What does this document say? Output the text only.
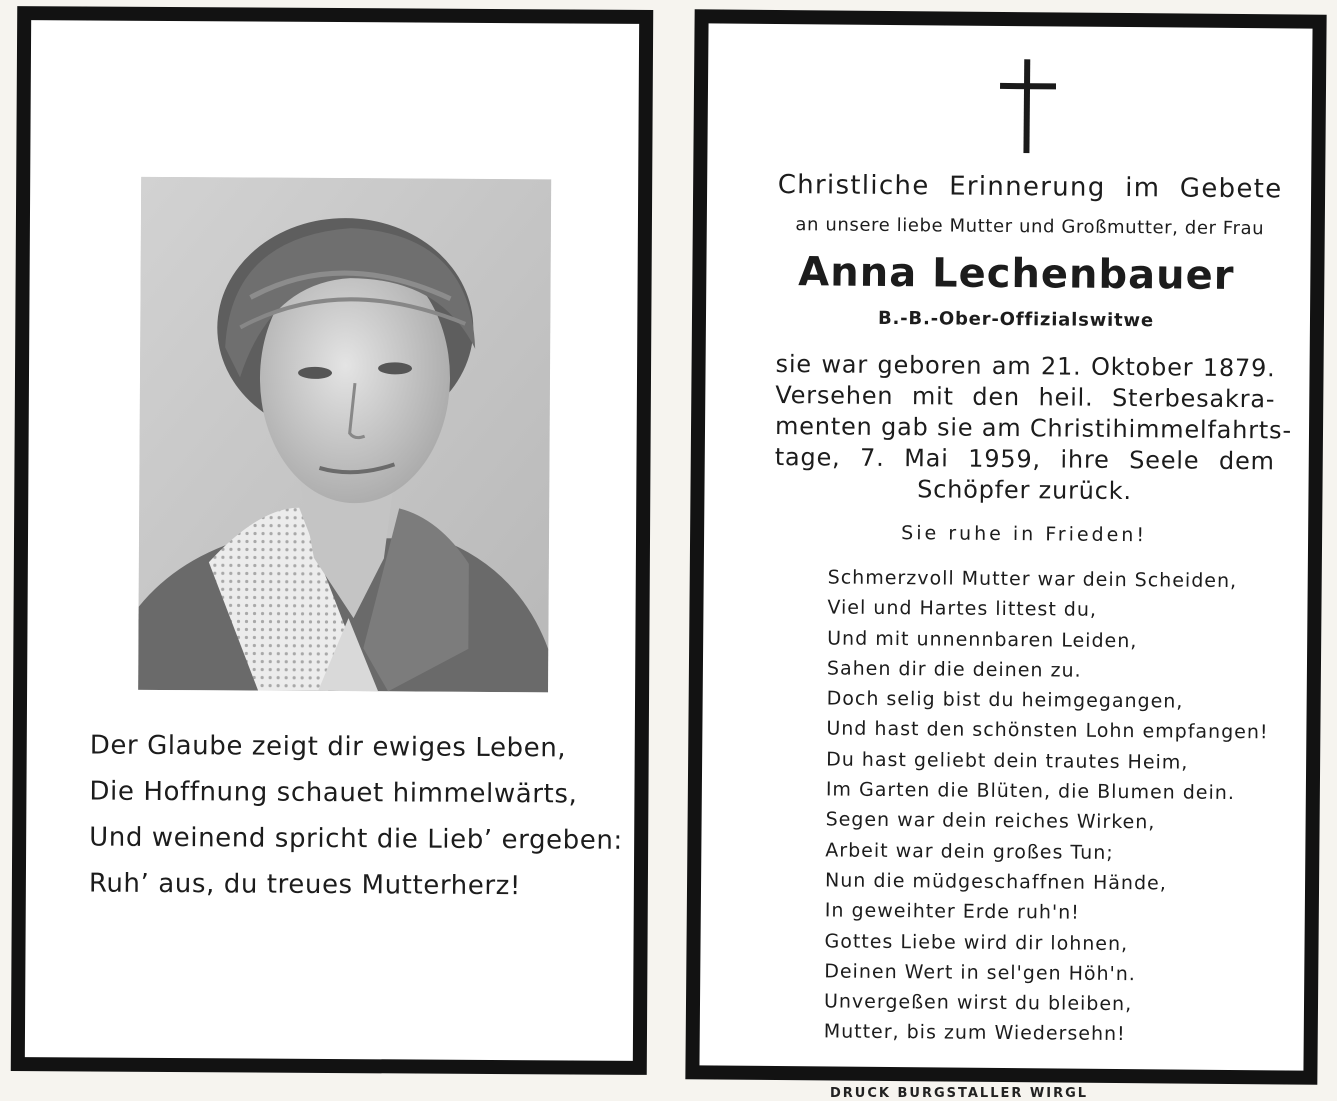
Der Glaube zeigt dir ewiges Leben,
Die Hoffnung schauet himmelwärts,
Und weinend spricht die Lieb’ ergeben:
Ruh’ aus, du treues Mutterherz!
Christliche Erinnerung im Gebete
an unsere liebe Mutter und Großmutter, der Frau
Anna Lechenbauer
B.-B.-Ober-Offizialswitwe
sie war geboren am 21. Oktober 1879.
Versehen mit den heil. Sterbesakra-
menten gab sie am Christihimmelfahrts-
tage, 7. Mai 1959, ihre Seele dem
Schöpfer zurück.
Sie ruhe in Frieden!
Schmerzvoll Mutter war dein Scheiden,
Viel und Hartes littest du,
Und mit unnennbaren Leiden,
Sahen dir die deinen zu.
Doch selig bist du heimgegangen,
Und hast den schönsten Lohn empfangen!
Du hast geliebt dein trautes Heim,
Im Garten die Blüten, die Blumen dein.
Segen war dein reiches Wirken,
Arbeit war dein großes Tun;
Nun die müdgeschaffnen Hände,
In geweihter Erde ruh'n!
Gottes Liebe wird dir lohnen,
Deinen Wert in sel'gen Höh'n.
Unvergeßen wirst du bleiben,
Mutter, bis zum Wiedersehn!
DRUCK BURGSTALLER WIRGL
